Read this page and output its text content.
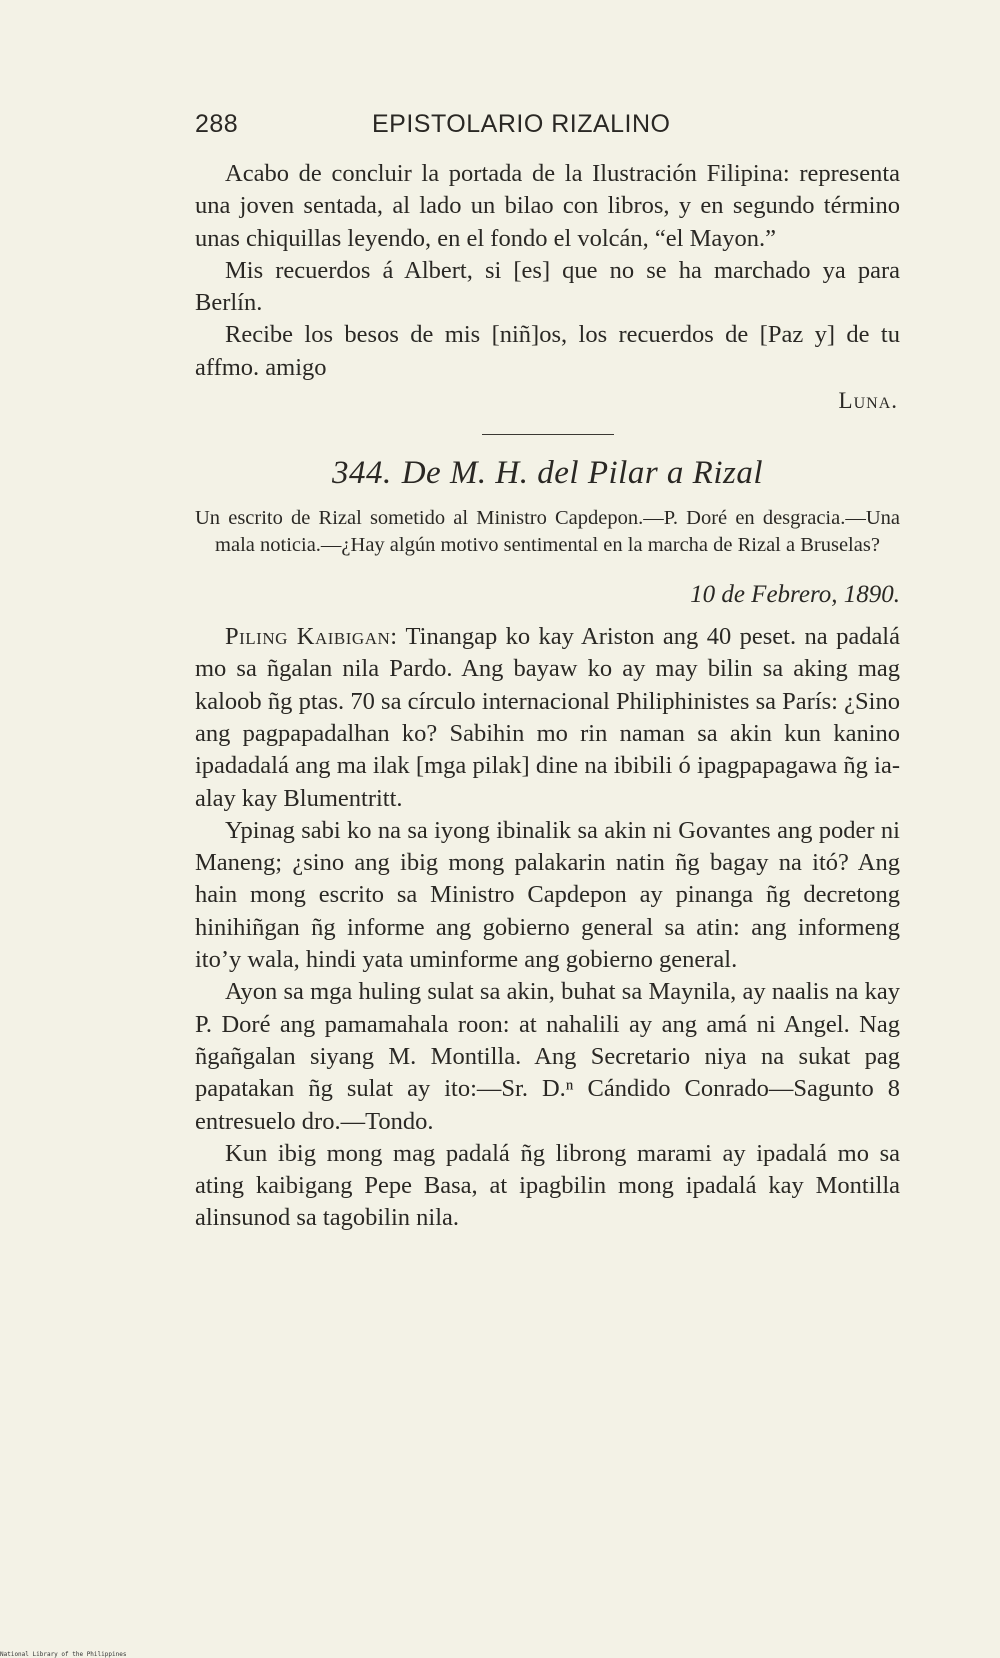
288	EPISTOLARIO RIZALINO

Acabo de concluir la portada de la Ilustración Filipina: representa una joven sentada, al lado un bilao con libros, y en segundo término unas chiquillas leyendo, en el fondo el volcán, “el Mayon.”

Mis recuerdos á Albert, si [es] que no se ha marchado ya para Berlín.

Recibe los besos de mis [niñ]os, los recuerdos de [Paz y] de tu affmo. amigo

Luna.
344. De M. H. del Pilar a Rizal
Un escrito de Rizal sometido al Ministro Capdepon.—P. Doré en desgracia.—Una mala noticia.—¿Hay algún motivo sentimental en la marcha de Rizal a Bruselas?
10 de Febrero, 1890.

Piling Kaibigan: Tinangap ko kay Ariston ang 40 peset. na padalá mo sa ñgalan nila Pardo. Ang bayaw ko ay may bilin sa aking mag kaloob ñg ptas. 70 sa círculo internacional Philiphinistes sa París: ¿Sino ang pagpapadalhan ko? Sabihin mo rin naman sa akin kun kanino ipadadalá ang ma ilak [mga pilak] dine na ibibili ó ipagpapagawa ñg ia-alay kay Blumentritt.

Ypinag sabi ko na sa iyong ibinalik sa akin ni Govantes ang poder ni Maneng; ¿sino ang ibig mong palakarin natin ñg bagay na itó? Ang hain mong escrito sa Ministro Capdepon ay pinanga ñg decretong hinihiñgan ñg informe ang gobierno general sa atin: ang informeng ito’y wala, hindi yata uminforme ang gobierno general.

Ayon sa mga huling sulat sa akin, buhat sa Maynila, ay naalis na kay P. Doré ang pamamahala roon: at nahalili ay ang amá ni Angel. Nag ñgañgalan siyang M. Montilla. Ang Secretario niya na sukat pag papatakan ñg sulat ay ito:—Sr. D.ⁿ Cándido Conrado—Sagunto 8 entresuelo dro.—Tondo.

Kun ibig mong mag padalá ñg librong marami ay ipadalá mo sa ating kaibigang Pepe Basa, at ipagbilin mong ipadalá kay Montilla alinsunod sa tagobilin nila.

National Library of the Philippines
